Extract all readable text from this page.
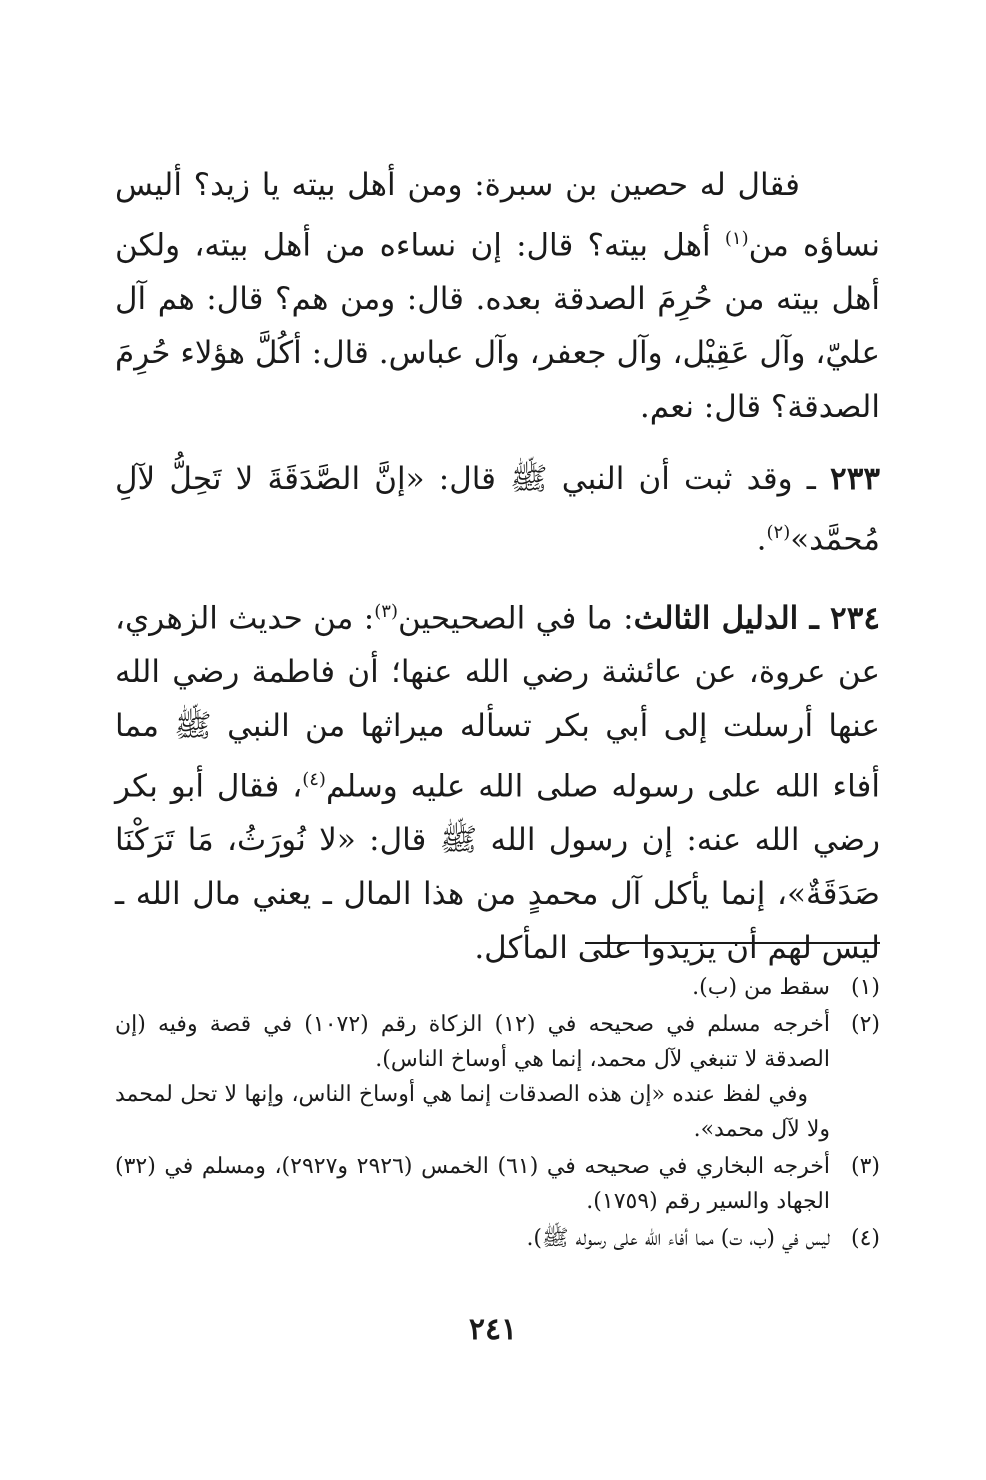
فقال له حصين بن سبرة: ومن أهل بيته يا زيد؟ أليس نساؤه من$^{(١)}$ أهل بيته؟ قال: إن نساءه من أهل بيته، ولكن أهل بيته من حُرِمَ الصدقة بعده. قال: ومن هم؟ قال: هم آل عليّ، وآل عَقِيْل، وآل جعفر، وآل عباس. قال: أكُلَّ هؤلاء حُرِمَ الصدقة؟ قال: نعم.

٢٣٣ ـ وقد ثبت أن النبي ﷺ قال: «إنَّ الصَّدَقَةَ لا تَحِلُّ لآلِ مُحمَّد»$^{(٢)}$.

٢٣٤ ـ الدليل الثالث: ما في الصحيحين$^{(٣)}$: من حديث الزهري، عن عروة، عن عائشة رضي الله عنها؛ أن فاطمة رضي الله عنها أرسلت إلى أبي بكر تسأله ميراثها من النبي ﷺ مما أفاء الله على رسوله صلى الله عليه وسلم$^{(٤)}$، فقال أبو بكر رضي الله عنه: إن رسول الله ﷺ قال: «لا نُورَثُ، مَا تَرَكْنَا صَدَقَةٌ»، إنما يأكل آل محمدٍ من هذا المال ـ يعني مال الله ـ ليس لهم أن يزيدوا على المأكل.

(١)
سقط من (ب).
(٢)
أخرجه مسلم في صحيحه في (١٢) الزكاة رقم (١٠٧٢) في قصة وفيه (إن الصدقة لا تنبغي لآل محمد، إنما هي أوساخ الناس).
وفي لفظ عنده «إن هذه الصدقات إنما هي أوساخ الناس، وإنها لا تحل لمحمد ولا لآل محمد».
(٣)
أخرجه البخاري في صحيحه في (٦١) الخمس (٢٩٢٦ و٢٩٢٧)، ومسلم في (٣٢) الجهاد والسير رقم (١٧٥٩).
(٤)
ليس في (ب، ت) مما أفاء الله على رسوله ﷺ).
٢٤١
